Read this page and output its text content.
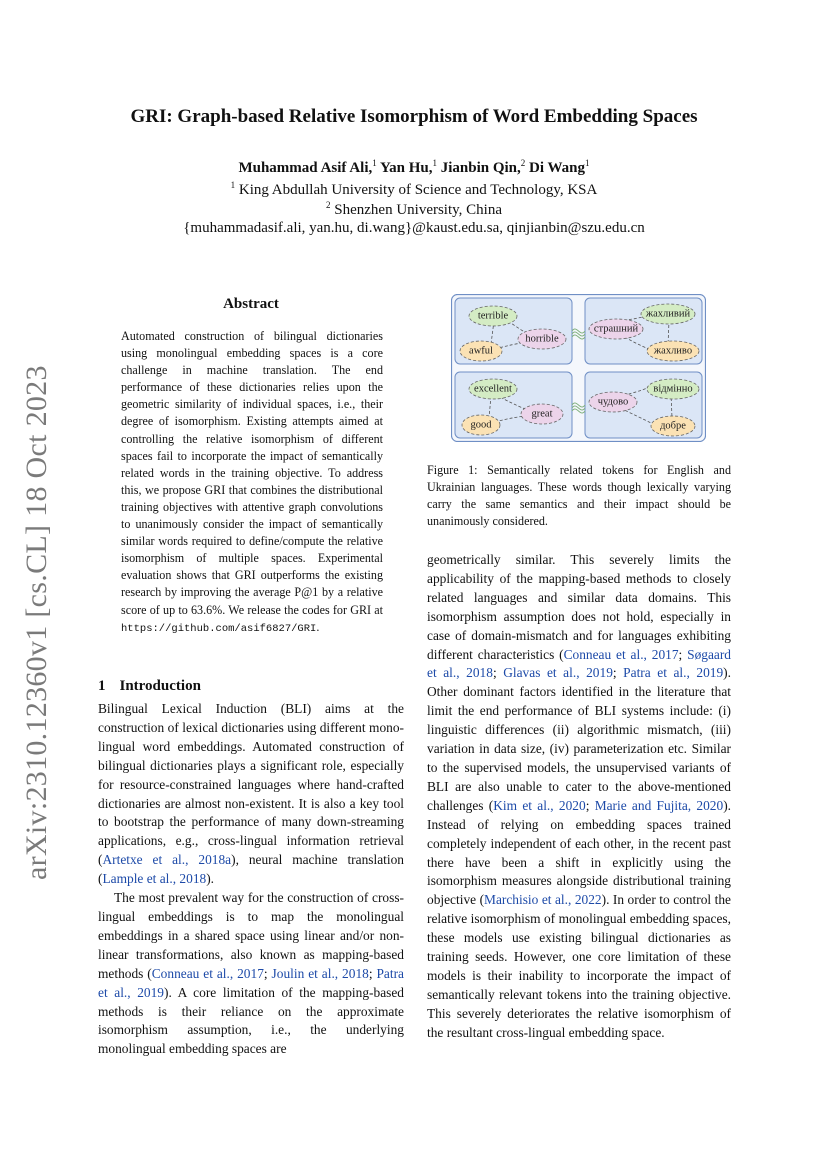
arXiv:2310.12360v1 [cs.CL] 18 Oct 2023
GRI: Graph-based Relative Isomorphism of Word Embedding Spaces
Muhammad Asif Ali,$^1$ Yan Hu,$^1$ Jianbin Qin,$^2$ Di Wang$^1$
$^1$ King Abdullah University of Science and Technology, KSA
$^2$ Shenzhen University, China
{muhammadasif.ali, yan.hu, di.wang}@kaust.edu.sa, qinjianbin@szu.edu.cn
Abstract
Automated construction of bilingual dictionaries using monolingual embedding spaces is a core challenge in machine translation. The end performance of these dictionaries relies upon the geometric similarity of individual spaces, i.e., their degree of isomorphism. Existing attempts aimed at controlling the relative isomorphism of different spaces fail to incorporate the impact of semantically related words in the training objective. To address this, we propose GRI that combines the distributional training objectives with attentive graph convolutions to unanimously consider the impact of semantically similar words required to define/compute the relative isomorphism of multiple spaces. Experimental evaluation shows that GRI outperforms the existing research by improving the average P@1 by a relative score of up to 63.6%. We release the codes for GRI at https://github.com/asif6827/GRI.
1 Introduction

Bilingual Lexical Induction (BLI) aims at the construction of lexical dictionaries using different mono-lingual word embeddings. Automated construction of bilingual dictionaries plays a significant role, especially for resource-constrained languages where hand-crafted dictionaries are almost non-existent. It is also a key tool to bootstrap the performance of many down-streaming applications, e.g., cross-lingual information retrieval (Artetxe et al., 2018a), neural machine translation (Lample et al., 2018).

The most prevalent way for the construction of cross-lingual embeddings is to map the monolingual embeddings in a shared space using linear and/or non-linear transformations, also known as mapping-based methods (Conneau et al., 2017; Joulin et al., 2018; Patra et al., 2019). A core limitation of the mapping-based methods is their reliance on the approximate isomorphism assumption, i.e., the underlying monolingual embedding spaces are

terrible
horrible
awful
жахливий
страшний
жахливо
excellent
great
good
відмінно
чудово
добре
Figure 1: Semantically related tokens for English and Ukrainian languages. These words though lexically varying carry the same semantics and their impact should be unanimously considered.

geometrically similar. This severely limits the applicability of the mapping-based methods to closely related languages and similar data domains. This isomorphism assumption does not hold, especially in case of domain-mismatch and for languages exhibiting different characteristics (Conneau et al., 2017; Søgaard et al., 2018; Glavas et al., 2019; Patra et al., 2019). Other dominant factors identified in the literature that limit the end performance of BLI systems include: (i) linguistic differences (ii) algorithmic mismatch, (iii) variation in data size, (iv) parameterization etc. Similar to the supervised models, the unsupervised variants of BLI are also unable to cater to the above-mentioned challenges (Kim et al., 2020; Marie and Fujita, 2020). Instead of relying on embedding spaces trained completely independent of each other, in the recent past there have been a shift in explicitly using the isomorphism measures alongside distributional training objective (Marchisio et al., 2022). In order to control the relative isomorphism of monolingual embedding spaces, these models use existing bilingual dictionaries as training seeds. However, one core limitation of these models is their inability to incorporate the impact of semantically relevant tokens into the training objective. This severely deteriorates the relative isomorphism of the resultant cross-lingual embedding space.
